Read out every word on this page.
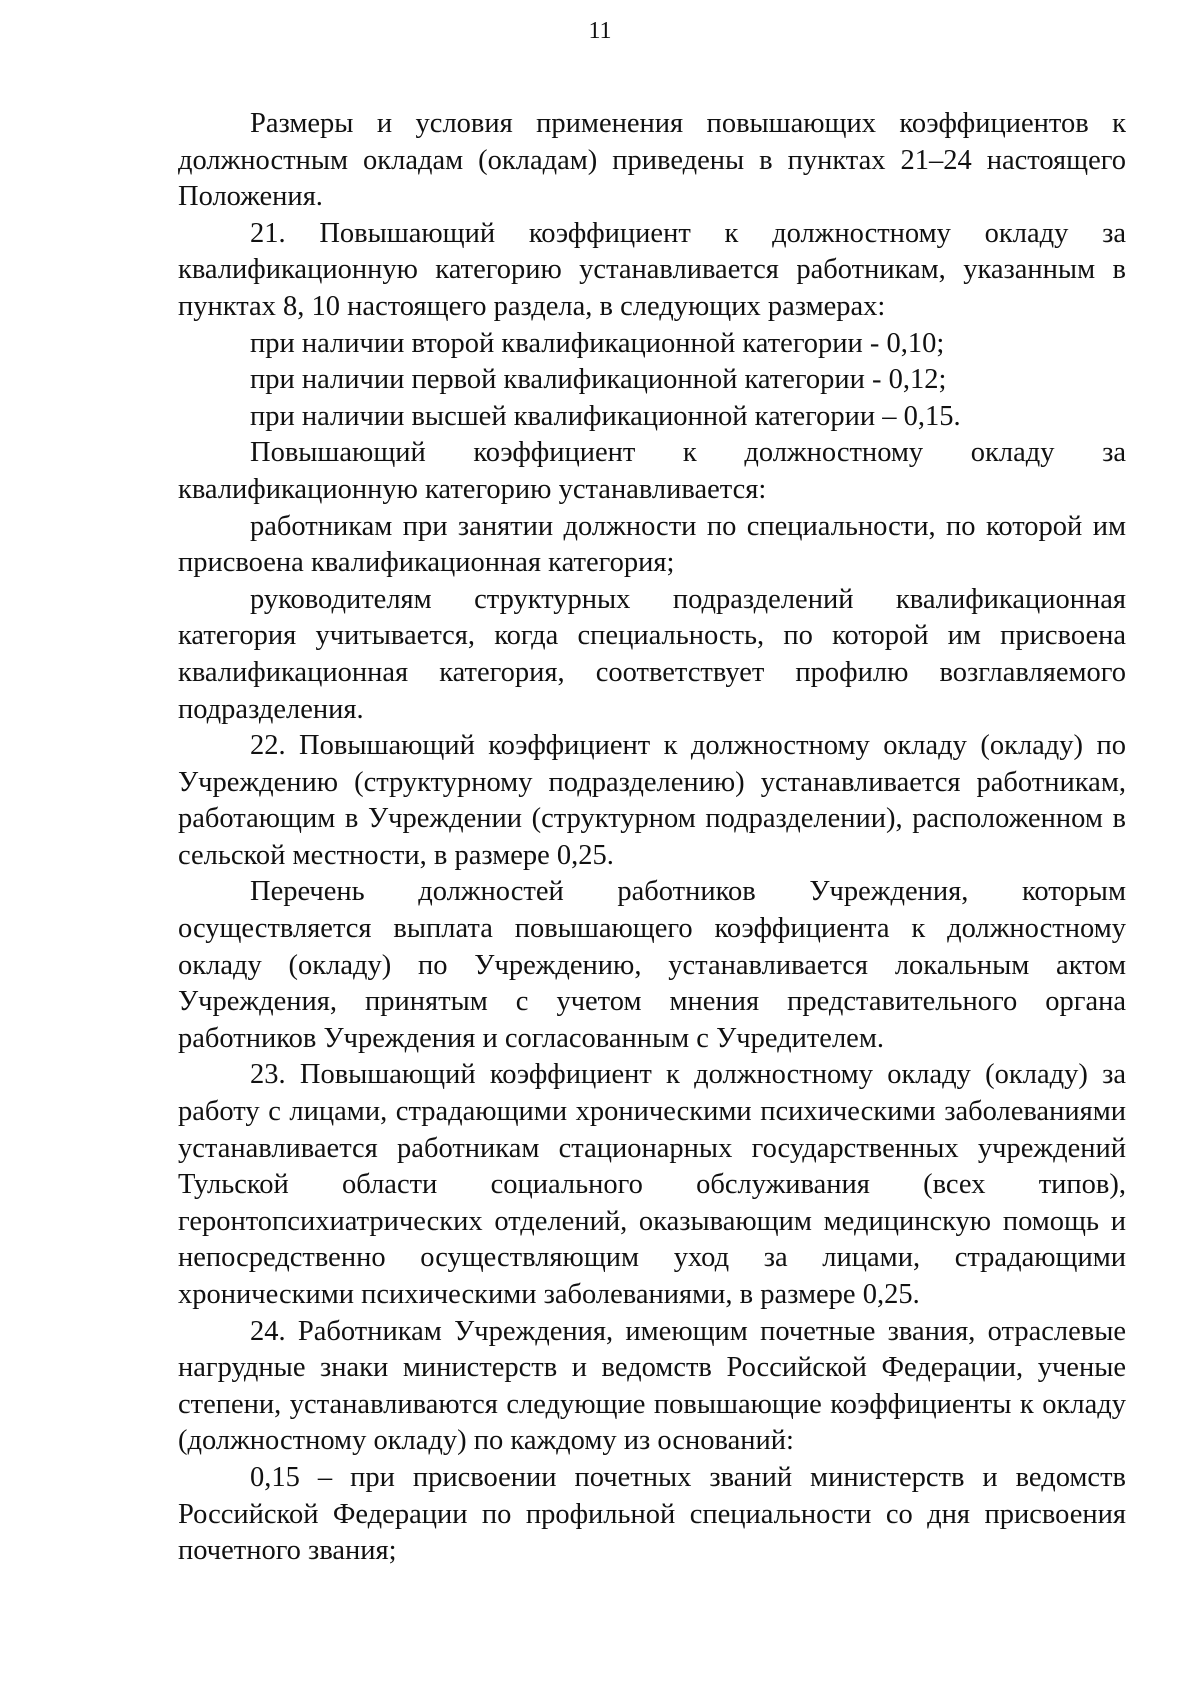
11

Размеры и условия применения повышающих коэффициентов к должностным окладам (окладам) приведены в пунктах 21–24 настоящего Положения.

21. Повышающий коэффициент к должностному окладу за квалификационную категорию устанавливается работникам, указанным в пунктах 8, 10 настоящего раздела, в следующих размерах:

при наличии второй квалификационной категории - 0,10;

при наличии первой квалификационной категории - 0,12;

при наличии высшей квалификационной категории – 0,15.

Повышающий коэффициент к должностному окладу за квалификационную категорию устанавливается:

работникам при занятии должности по специальности, по которой им присвоена квалификационная категория;

руководителям структурных подразделений квалификационная категория учитывается, когда специальность, по которой им присвоена квалификационная категория, соответствует профилю возглавляемого подразделения.

22. Повышающий коэффициент к должностному окладу (окладу) по Учреждению (структурному подразделению) устанавливается работникам, работающим в Учреждении (структурном подразделении), расположенном в сельской местности, в размере 0,25.

Перечень должностей работников Учреждения, которым осуществляется выплата повышающего коэффициента к должностному окладу (окладу) по Учреждению, устанавливается локальным актом Учреждения, принятым с учетом мнения представительного органа работников Учреждения и согласованным с Учредителем.

23. Повышающий коэффициент к должностному окладу (окладу) за работу с лицами, страдающими хроническими психическими заболеваниями устанавливается работникам стационарных государственных учреждений Тульской области социального обслуживания (всех типов), геронтопсихиатрических отделений, оказывающим медицинскую помощь и непосредственно осуществляющим уход за лицами, страдающими хроническими психическими заболеваниями, в размере 0,25.

24. Работникам Учреждения, имеющим почетные звания, отраслевые нагрудные знаки министерств и ведомств Российской Федерации, ученые степени, устанавливаются следующие повышающие коэффициенты к окладу (должностному окладу) по каждому из оснований:

0,15 – при присвоении почетных званий министерств и ведомств Российской Федерации по профильной специальности со дня присвоения почетного звания;
